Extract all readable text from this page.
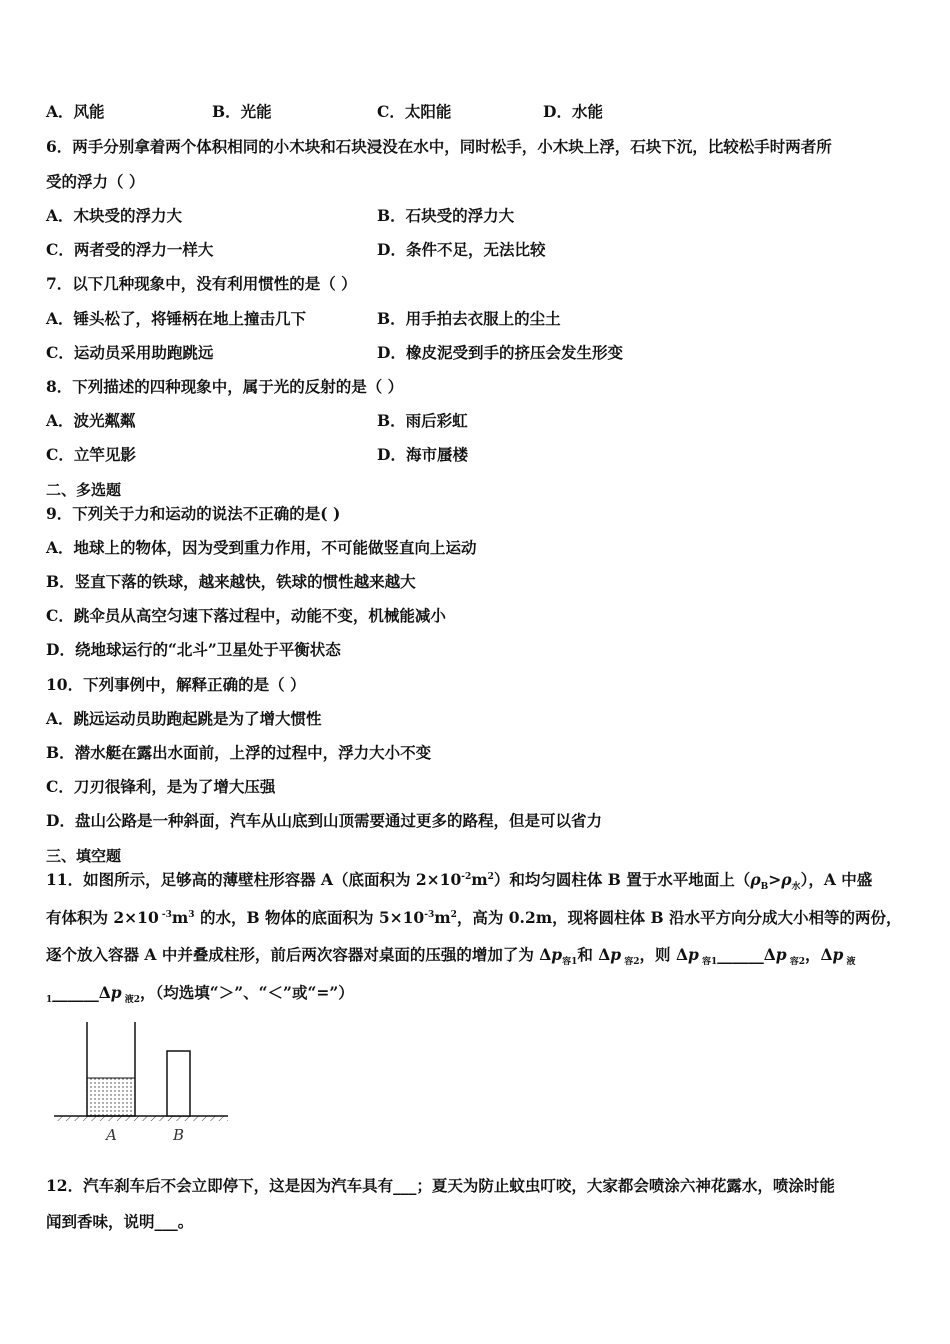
A．风能	B．光能	C．太阳能	D．水能
6．两手分别拿着两个体积相同的小木块和石块浸没在水中，同时松手，小木块上浮，石块下沉，比较松手时两者所
受的浮力（ ）
A．木块受的浮力大	B．石块受的浮力大
C．两者受的浮力一样大	D．条件不足，无法比较
7．以下几种现象中，没有利用惯性的是（ ）
A．锤头松了，将锤柄在地上撞击几下	B．用手拍去衣服上的尘土
C．运动员采用助跑跳远	D．橡皮泥受到手的挤压会发生形变
8．下列描述的四种现象中，属于光的反射的是（ ）
A．波光粼粼	B．雨后彩虹
C．立竿见影	D．海市蜃楼
二、多选题
9．下列关于力和运动的说法不正确的是( )
A．地球上的物体，因为受到重力作用，不可能做竖直向上运动
B．竖直下落的铁球，越来越快，铁球的惯性越来越大
C．跳伞员从高空匀速下落过程中，动能不变，机械能减小
D．绕地球运行的“北斗”卫星处于平衡状态
10．下列事例中，解释正确的是（ ）
A．跳远运动员助跑起跳是为了增大惯性
B．潜水艇在露出水面前，上浮的过程中，浮力大小不变
C．刀刃很锋利，是为了增大压强
D．盘山公路是一种斜面，汽车从山底到山顶需要通过更多的路程，但是可以省力
三、填空题
11．如图所示，足够高的薄壁柱形容器 A（底面积为 $2\times 10^{-2}m^2$）和均匀圆柱体 B 置于水平地面上$(\rho_B>\rho_水)$，A 中盛
有体积为 2×10 $^{-3}m^3$ 的水，B 物体的底面积为 $5\times 10^{-3}m^2$，高为 0.2m，现将圆柱体 B 沿水平方向分成大小相等的两份，
逐个放入容器 A 中并叠成柱形，前后两次容器对桌面的压强的增加了为 $\Delta p_{容1}$和 Δp $_{容2}$，则 Δp $_{容1}$______Δp $_{容2}$，Δp $_液$
$_1$______Δp $_{液2}$，（均选填“＞”、“＜”或“=”）
A	B
12．汽车刹车后不会立即停下，这是因为汽车具有___；夏天为防止蚊虫叮咬，大家都会喷涂六神花露水，喷涂时能
闻到香味，说明___。
